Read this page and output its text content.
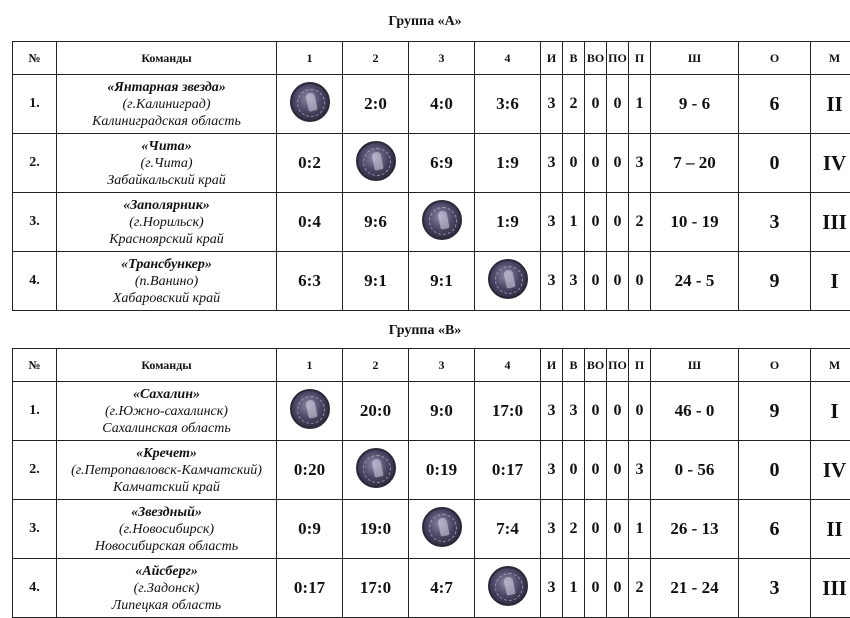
Группа «А»
№	Команды	1	2	3	4	И	В	ВО	ПО	П	Ш	О	М
1.	«Янтарная звезда»
(г.Калиниград)
Калиниградская область		2:0	4:0	3:6	3	2	0	0	1	9 - 6	6	II
2.	«Чита»
(г.Чита)
Забайкальский край	0:2		6:9	1:9	3	0	0	0	3	7 – 20	0	IV
3.	«Заполярник»
(г.Норильск)
Красноярский край	0:4	9:6		1:9	3	1	0	0	2	10 - 19	3	III
4.	«Трансбункер»
(п.Ванино)
Хабаровский край	6:3	9:1	9:1		3	3	0	0	0	24 - 5	9	I
Группа «В»
№	Команды	1	2	3	4	И	В	ВО	ПО	П	Ш	О	М
1.	«Сахалин»
(г.Южно-сахалинск)
Сахалинская область		20:0	9:0	17:0	3	3	0	0	0	46 - 0	9	I
2.	«Кречет»
(г.Петропавловск-Камчатский)
Камчатский край	0:20		0:19	0:17	3	0	0	0	3	0 - 56	0	IV
3.	«Звездный»
(г.Новосибирск)
Новосибирская область	0:9	19:0		7:4	3	2	0	0	1	26 - 13	6	II
4.	«Айсберг»
(г.Задонск)
Липецкая область	0:17	17:0	4:7		3	1	0	0	2	21 - 24	3	III
